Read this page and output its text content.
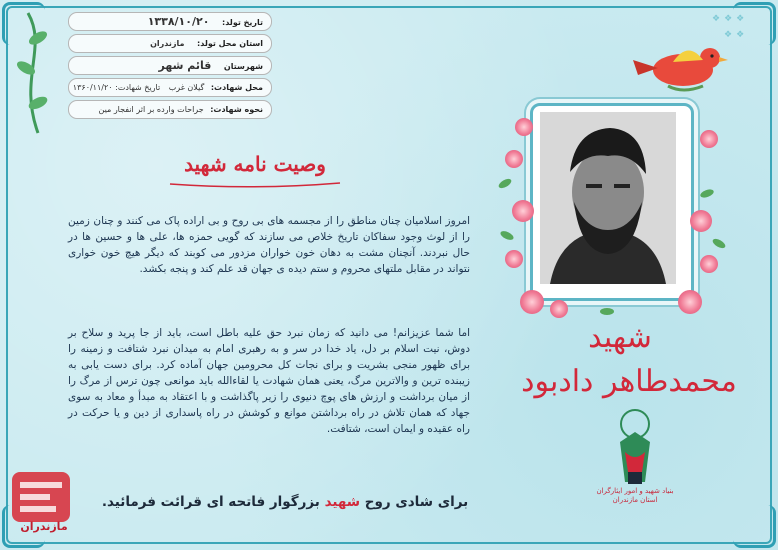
❖❖❖
❖❖
تاریخ تولد: ۱۳۳۸/۱۰/۲۰
استان محل تولد: مازندران
شهرستان قائم شهر
محل شهادت: گیلان غرب تاریخ شهادت: ۱۳۶۰/۱۱/۲۰
نحوه شهادت: جراحات وارده بر اثر انفجار مین
وصیت نامه شهید
امروز اسلامیان چنان مناطق را از مجسمه های بی روح و بی اراده پاک می کنند و چنان زمین را از لوث وجود سفاکان تاریخ خلاص می سازند که گویی حمزه ها، علی ها و حسین ها در حال نبردند. آنچنان مشت به دهان خون خواران مزدور می کوبند که دیگر هیچ خون خواری نتواند در مقابل ملتهای محروم و ستم دیده ی جهان قد علم کند و پنجه بکشد.
اما شما عزیزانم! می دانید که زمان نبرد حق علیه باطل است، باید از جا پرید و سلاح بر دوش، نیت اسلام بر دل، یاد خدا در سر و به رهبری امام به میدان نبرد شتافت و زمینه را برای ظهور منجی بشریت و برای نجات کل محرومین جهان آماده کرد. برای دست یابی به زیبنده ترین و والاترین مرگ، یعنی همان شهادت یا لقاءالله باید موانعی چون ترس از مرگ را از میان برداشت و ارزش های پوچ دنیوی را زیر پاگذاشت و با اعتقاد به مبدأ و معاد به سوی جهاد که همان تلاش در راه برداشتن موانع و کوشش در راه پاسداری از دین و یا حرکت در راه عقیده و ایمان است، شتافت.
برای شادی روح شهید بزرگوار فاتحه ای قرائت فرمائید.
شهید
محمدطاهر دادبود
بنیاد شهید و امور ایثارگران استان مازندران
مازندران
